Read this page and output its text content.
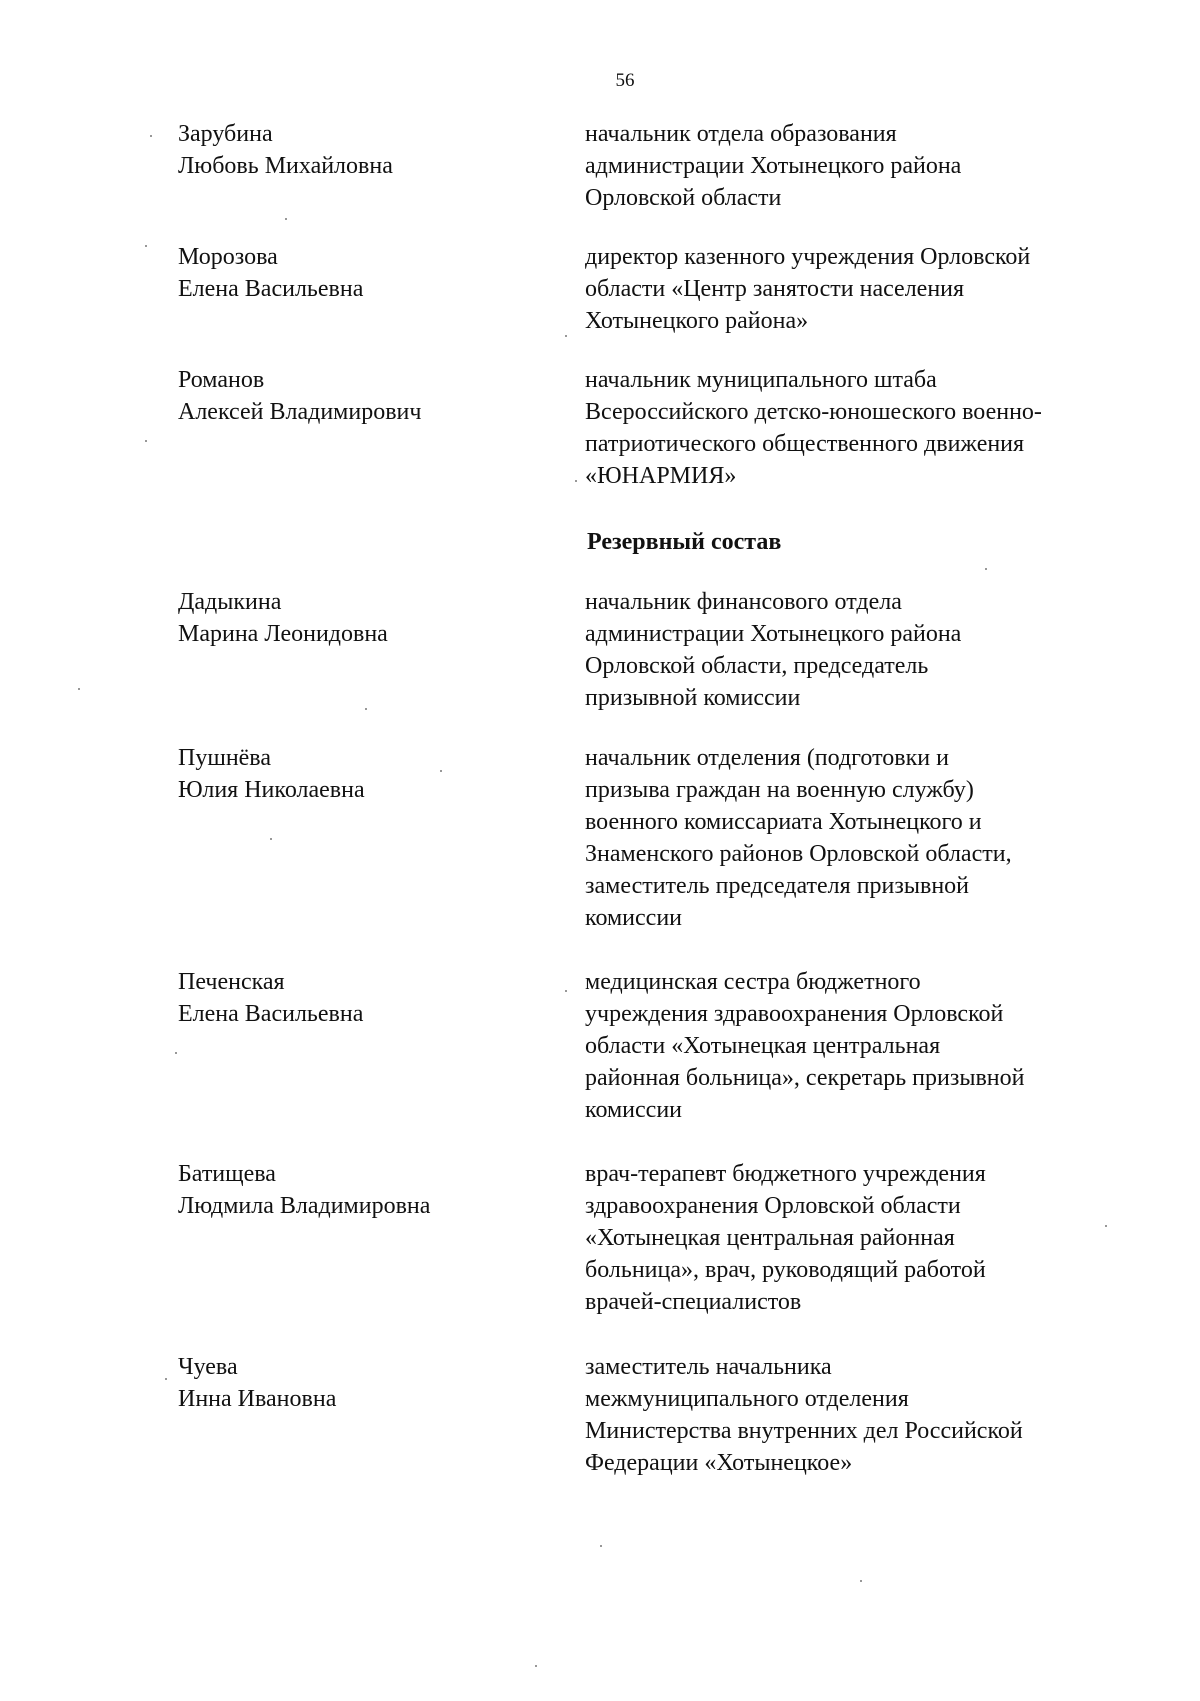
56
Зарубина
Любовь Михайловна
начальник отдела образования
администрации Хотынецкого района
Орловской области
Морозова
Елена Васильевна
директор казенного учреждения Орловской
области «Центр занятости населения
Хотынецкого района»
Романов
Алексей Владимирович
начальник муниципального штаба
Всероссийского детско-юношеского военно-
патриотического общественного движения
«ЮНАРМИЯ»
Резервный состав
Дадыкина
Марина Леонидовна
начальник финансового отдела
администрации Хотынецкого района
Орловской области, председатель
призывной комиссии
Пушнёва
Юлия Николаевна
начальник отделения (подготовки и
призыва граждан на военную службу)
военного комиссариата Хотынецкого и
Знаменского районов Орловской области,
заместитель председателя призывной
комиссии
Печенская
Елена Васильевна
медицинская сестра бюджетного
учреждения здравоохранения Орловской
области «Хотынецкая центральная
районная больница», секретарь призывной
комиссии
Батищева
Людмила Владимировна
врач-терапевт бюджетного учреждения
здравоохранения Орловской области
«Хотынецкая центральная районная
больница», врач, руководящий работой
врачей-специалистов
Чуева
Инна Ивановна
заместитель начальника
межмуниципального отделения
Министерства внутренних дел Российской
Федерации «Хотынецкое»
